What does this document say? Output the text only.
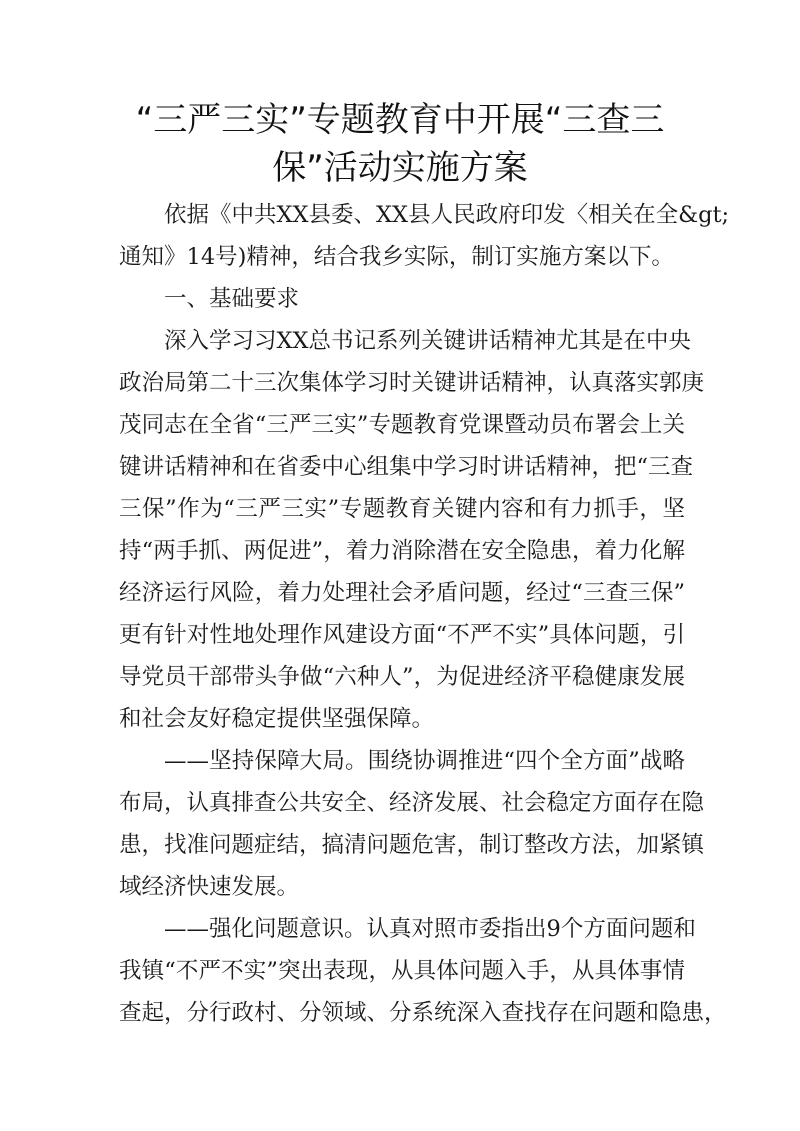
“三严三实”专题教育中开展“三查三
保”活动实施方案
依据《中共XX县委、XX县人民政府印发〈相关在全&gt;
通知》14号)精神，结合我乡实际，制订实施方案以下。
一、基础要求
深入学习习XX总书记系列关键讲话精神尤其是在中央
政治局第二十三次集体学习时关键讲话精神，认真落实郭庚
茂同志在全省“三严三实”专题教育党课暨动员布署会上关
键讲话精神和在省委中心组集中学习时讲话精神，把“三查
三保”作为“三严三实”专题教育关键内容和有力抓手，坚
持“两手抓、两促进”，着力消除潜在安全隐患，着力化解
经济运行风险，着力处理社会矛盾问题，经过“三查三保”
更有针对性地处理作风建设方面“不严不实”具体问题，引
导党员干部带头争做“六种人”，为促进经济平稳健康发展
和社会友好稳定提供坚强保障。
——坚持保障大局。围绕协调推进“四个全方面”战略
布局，认真排查公共安全、经济发展、社会稳定方面存在隐
患，找准问题症结，搞清问题危害，制订整改方法，加紧镇
域经济快速发展。
——强化问题意识。认真对照市委指出9个方面问题和
我镇“不严不实”突出表现，从具体问题入手，从具体事情
查起，分行政村、分领域、分系统深入查找存在问题和隐患，
